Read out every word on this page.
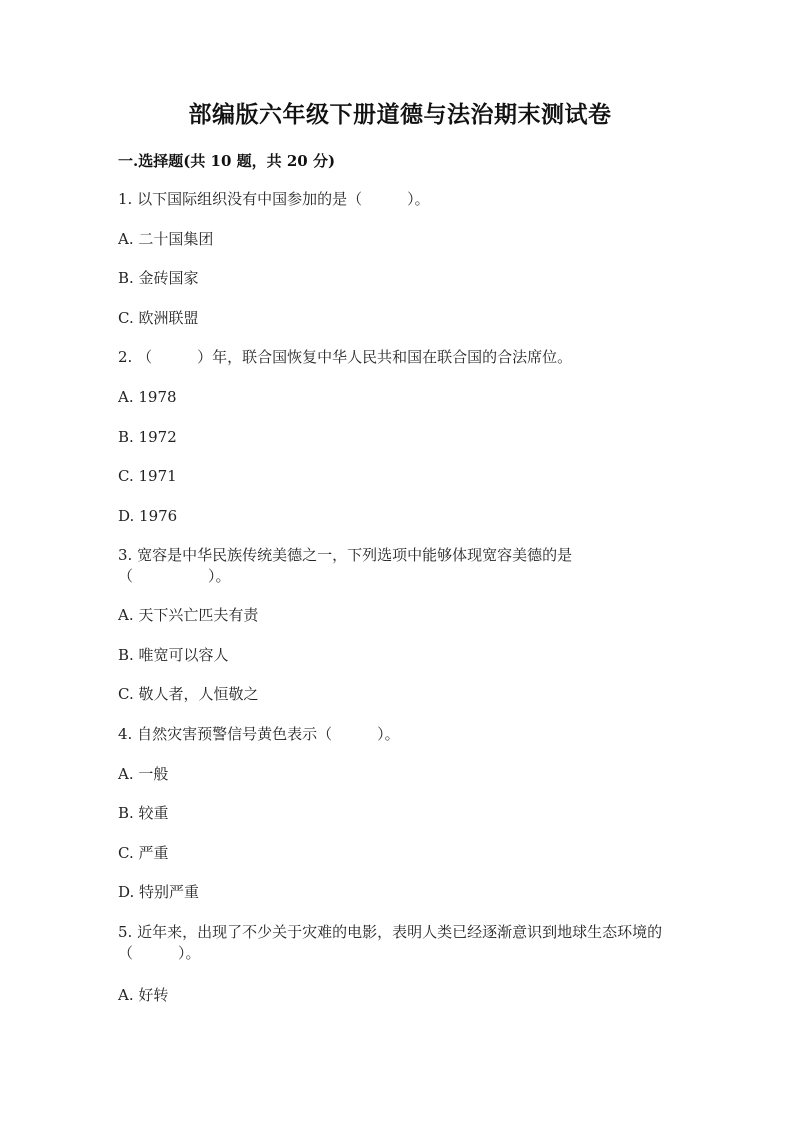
部编版六年级下册道德与法治期末测试卷
一.选择题(共 10 题，共 20 分)
1. 以下国际组织没有中国参加的是（　　　）。
A. 二十国集团
B. 金砖国家
C. 欧洲联盟
2. （　　　）年，联合国恢复中华人民共和国在联合国的合法席位。
A. 1978
B. 1972
C. 1971
D. 1976
3. 宽容是中华民族传统美德之一，下列选项中能够体现宽容美德的是（　　　　　）。
A. 天下兴亡匹夫有责
B. 唯宽可以容人
C. 敬人者，人恒敬之
4. 自然灾害预警信号黄色表示（　　　）。
A. 一般
B. 较重
C. 严重
D. 特别严重
5. 近年来，出现了不少关于灾难的电影，表明人类已经逐渐意识到地球生态环境的（　　　）。
A. 好转
